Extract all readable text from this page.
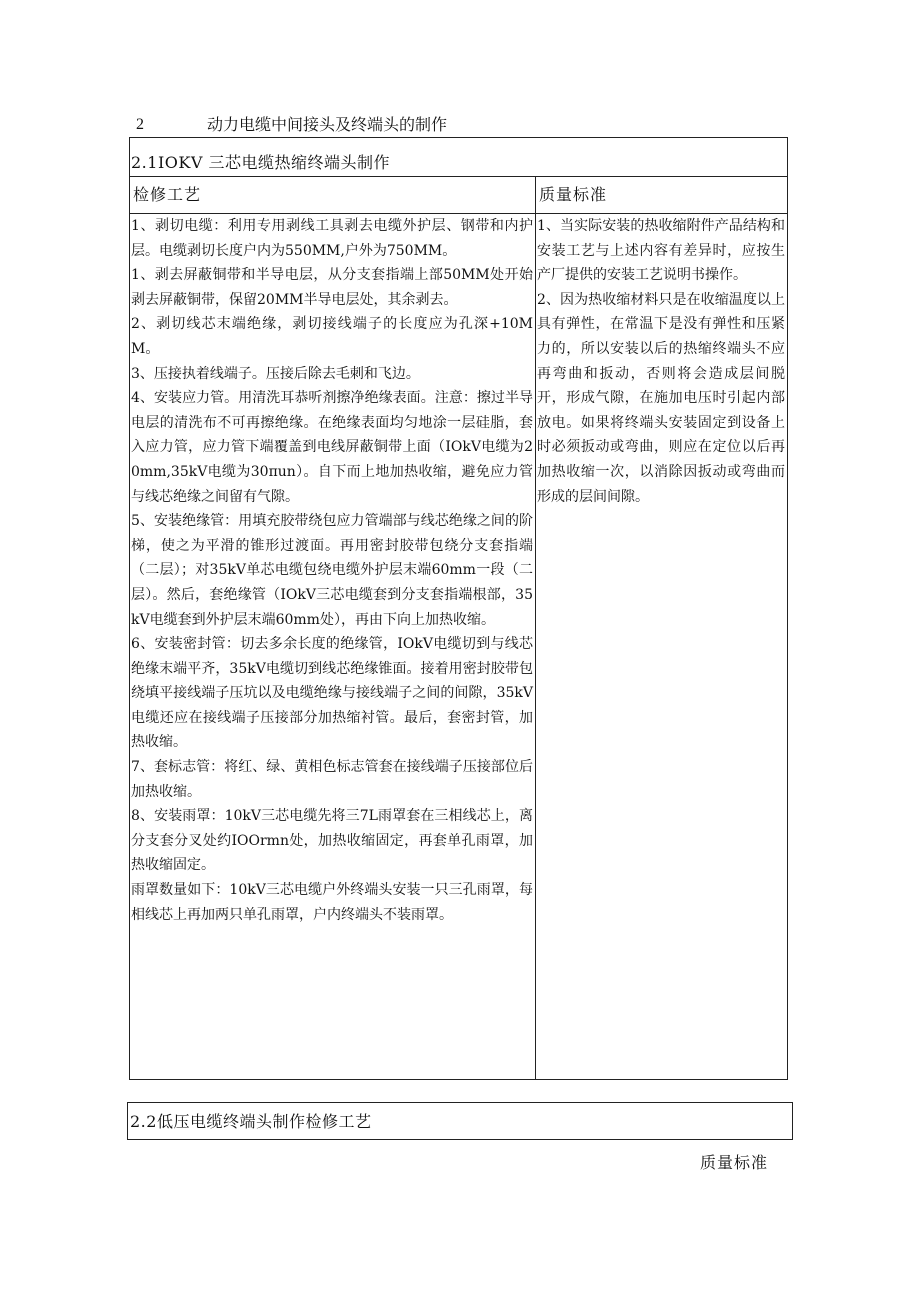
2	动力电缆中间接头及终端头的制作
2.1IOKV 三芯电缆热缩终端头制作
检修工艺	质量标准

1、剥切电缆：利用专用剥线工具剥去电缆外护层、钢带和内护层。电缆剥切长度户内为550MM,户外为750MM。

1、剥去屏蔽铜带和半导电层，从分支套指端上部50MM处开始剥去屏蔽铜带，保留20MM半导电层处，其余剥去。

2、剥切线芯末端绝缘，剥切接线端子的长度应为孔深+10MM。

3、压接执着线端子。压接后除去毛刺和飞边。

4、安装应力管。用清洗耳恭听剂擦净绝缘表面。注意：擦过半导电层的清洗布不可再擦绝缘。在绝缘表面均匀地涂一层硅脂，套入应力管，应力管下端覆盖到电线屏蔽铜带上面（IOkV电缆为20mm,35kV电缆为30πun）。自下而上地加热收缩，避免应力管与线芯绝缘之间留有气隙。

5、安装绝缘管：用填充胶带绕包应力管端部与线芯绝缘之间的阶梯，使之为平滑的锥形过渡面。再用密封胶带包绕分支套指端（二层）；对35kV单芯电缆包绕电缆外护层末端60mm一段（二层）。然后，套绝缘管（IOkV三芯电缆套到分支套指端根部，35kV电缆套到外护层末端60mm处），再由下向上加热收缩。

6、安装密封管：切去多余长度的绝缘管，IOkV电缆切到与线芯绝缘末端平齐，35kV电缆切到线芯绝缘锥面。接着用密封胶带包绕填平接线端子压坑以及电缆绝缘与接线端子之间的间隙，35kV电缆还应在接线端子压接部分加热缩衬管。最后，套密封管，加热收缩。

7、套标志管：将红、绿、黄相色标志管套在接线端子压接部位后加热收缩。

8、安装雨罩：10kV三芯电缆先将三7L雨罩套在三相线芯上，离分支套分叉处约IOOrmn处，加热收缩固定，再套单孔雨罩，加热收缩固定。

雨罩数量如下：10kV三芯电缆户外终端头安装一只三孔雨罩，每相线芯上再加两只单孔雨罩，户内终端头不装雨罩。

1、当实际安装的热收缩附件产品结构和安装工艺与上述内容有差异时，应按生产厂提供的安装工艺说明书操作。

2、因为热收缩材料只是在收缩温度以上具有弹性，在常温下是没有弹性和压紧力的，所以安装以后的热缩终端头不应再弯曲和扳动，否则将会造成层间脱开，形成气隙，在施加电压时引起内部放电。如果将终端头安装固定到设备上时必须扳动或弯曲，则应在定位以后再加热收缩一次，以消除因扳动或弯曲而形成的层间间隙。

2.2低压电缆终端头制作检修工艺
质量标准
